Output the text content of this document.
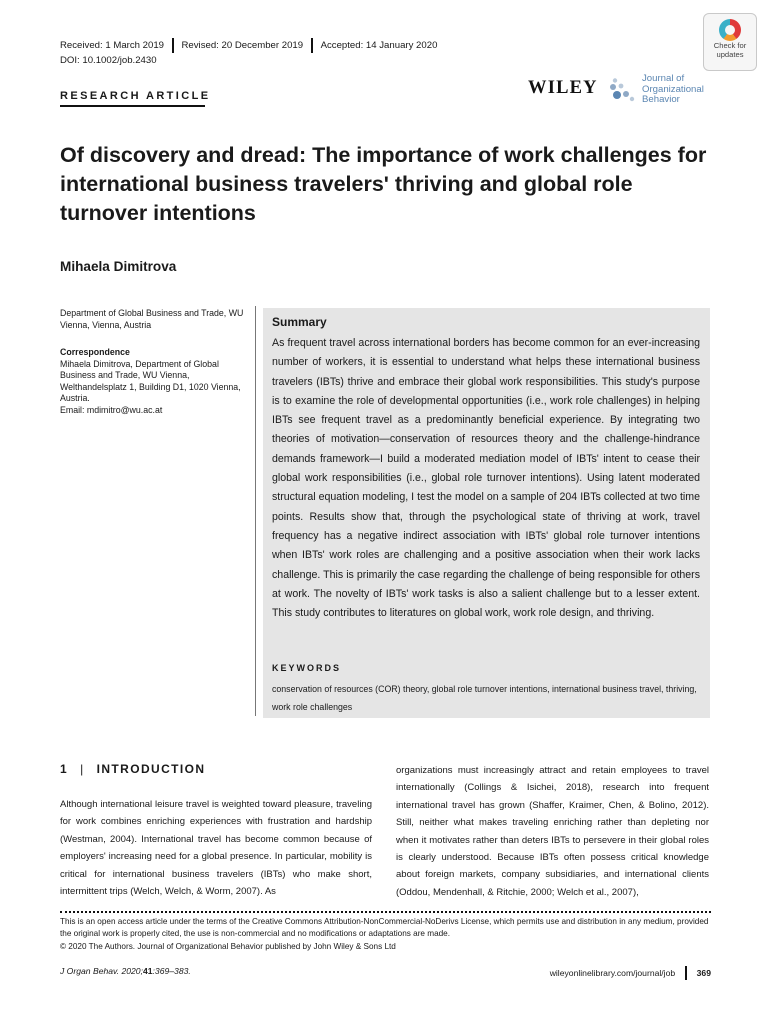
Received: 1 March 2019 Revised: 20 December 2019 Accepted: 14 January 2020
DOI: 10.1002/job.2430
Check for updates
WILEY	Journal of
Organizational
Behavior
RESEARCH ARTICLE
Of discovery and dread: The importance of work challenges for international business travelers' thriving and global role turnover intentions
Mihaela Dimitrova
Department of Global Business and Trade, WU Vienna, Vienna, Austria
Correspondence
Mihaela Dimitrova, Department of Global Business and Trade, WU Vienna, Welthandelsplatz 1, Building D1, 1020 Vienna, Austria.
Email: mdimitro@wu.ac.at
Summary

As frequent travel across international borders has become common for an ever-increasing number of workers, it is essential to understand what helps these international business travelers (IBTs) thrive and embrace their global work responsibilities. This study's purpose is to examine the role of developmental opportunities (i.e., work role challenges) in helping IBTs see frequent travel as a predominantly beneficial experience. By integrating two theories of motivation—conservation of resources theory and the challenge-hindrance demands framework—I build a moderated mediation model of IBTs' intent to cease their global work responsibilities (i.e., global role turnover intentions). Using latent moderated structural equation modeling, I test the model on a sample of 204 IBTs collected at two time points. Results show that, through the psychological state of thriving at work, travel frequency has a negative indirect association with IBTs' global role turnover intentions when IBTs' work roles are challenging and a positive association when their work lacks challenge. This is primarily the case regarding the challenge of being responsible for others at work. The novelty of IBTs' work tasks is also a salient challenge but to a lesser extent. This study contributes to literatures on global work, work role design, and thriving.

KEYWORDS

conservation of resources (COR) theory, global role turnover intentions, international business travel, thriving, work role challenges

1 | INTRODUCTION

Although international leisure travel is weighted toward pleasure, traveling for work combines enriching experiences with frustration and hardship (Westman, 2004). International travel has become common because of employers' increasing need for a global presence. In particular, mobility is critical for international business travelers (IBTs) who make short, intermittent trips (Welch, Welch, & Worm, 2007). As

organizations must increasingly attract and retain employees to travel internationally (Collings & Isichei, 2018), research into frequent international travel has grown (Shaffer, Kraimer, Chen, & Bolino, 2012). Still, neither what makes traveling enriching rather than depleting nor when it motivates rather than deters IBTs to persevere in their global roles is clearly understood. Because IBTs often possess critical knowledge about foreign markets, company subsidiaries, and international clients (Oddou, Mendenhall, & Ritchie, 2000; Welch et al., 2007),

This is an open access article under the terms of the Creative Commons Attribution-NonCommercial-NoDerivs License, which permits use and distribution in any medium, provided the original work is properly cited, the use is non-commercial and no modifications or adaptations are made.
© 2020 The Authors. Journal of Organizational Behavior published by John Wiley & Sons Ltd
J Organ Behav. 2020;41:369–383.	wileyonlinelibrary.com/journal/job	369
